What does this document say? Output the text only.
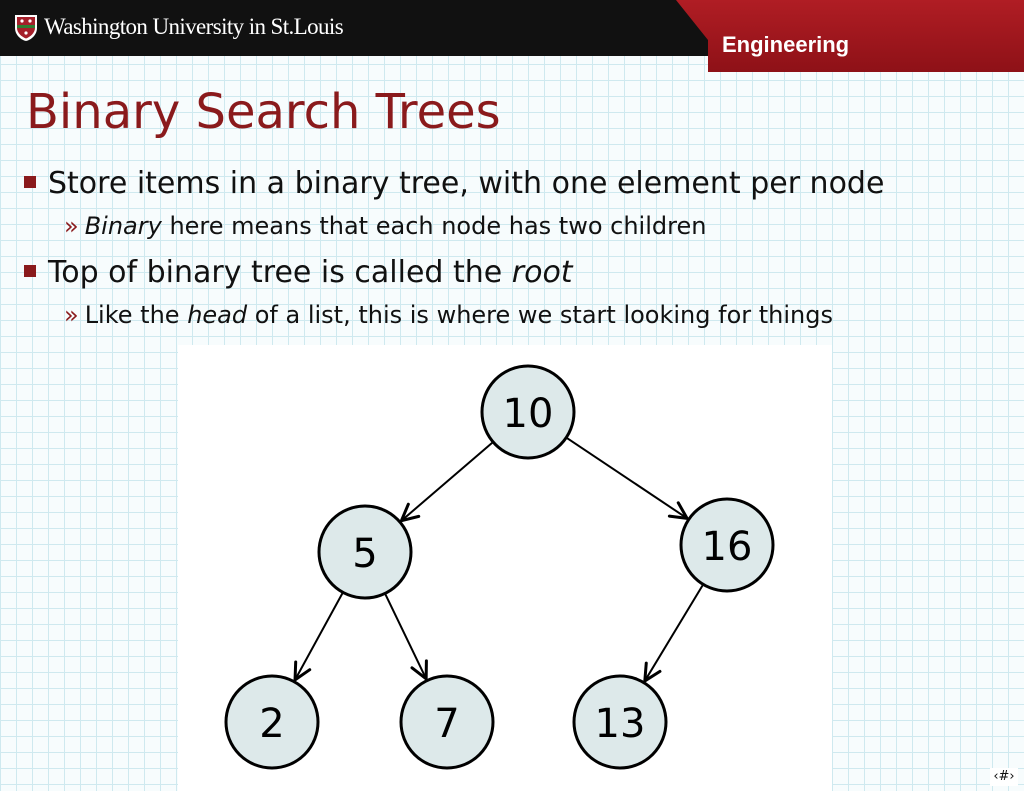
Washington University in St.Louis
Engineering
Binary Search Trees
Store items in a binary tree, with one element per node
» Binary here means that each node has two children
Top of binary tree is called the root
» Like the head of a list, this is where we start looking for things
10
5	16
2	7	13
‹#›
